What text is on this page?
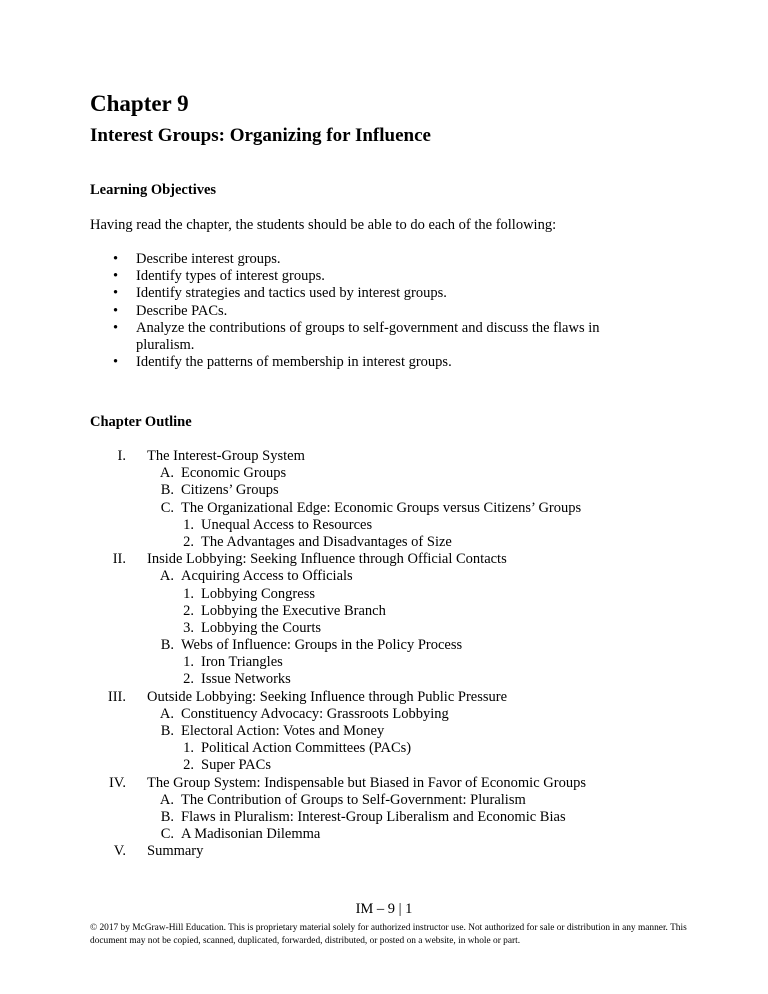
Chapter 9
Interest Groups: Organizing for Influence
Learning Objectives

Having read the chapter, the students should be able to do each of the following:

• Describe interest groups.
• Identify types of interest groups.
• Identify strategies and tactics used by interest groups.
• Describe PACs.
• Analyze the contributions of groups to self-government and discuss the flaws in pluralism.
• Identify the patterns of membership in interest groups.
Chapter Outline
I. The Interest-Group System
A. Economic Groups
B. Citizens’ Groups
C. The Organizational Edge: Economic Groups versus Citizens’ Groups
1. Unequal Access to Resources
2. The Advantages and Disadvantages of Size
II. Inside Lobbying: Seeking Influence through Official Contacts
A. Acquiring Access to Officials
1. Lobbying Congress
2. Lobbying the Executive Branch
3. Lobbying the Courts
B. Webs of Influence: Groups in the Policy Process
1. Iron Triangles
2. Issue Networks
III. Outside Lobbying: Seeking Influence through Public Pressure
A. Constituency Advocacy: Grassroots Lobbying
B. Electoral Action: Votes and Money
1. Political Action Committees (PACs)
2. Super PACs
IV. The Group System: Indispensable but Biased in Favor of Economic Groups
A. The Contribution of Groups to Self-Government: Pluralism
B. Flaws in Pluralism: Interest-Group Liberalism and Economic Bias
C. A Madisonian Dilemma
V. Summary

IM – 9 | 1

© 2017 by McGraw-Hill Education. This is proprietary material solely for authorized instructor use. Not authorized for sale or distribution in any manner. This document may not be copied, scanned, duplicated, forwarded, distributed, or posted on a website, in whole or part.
